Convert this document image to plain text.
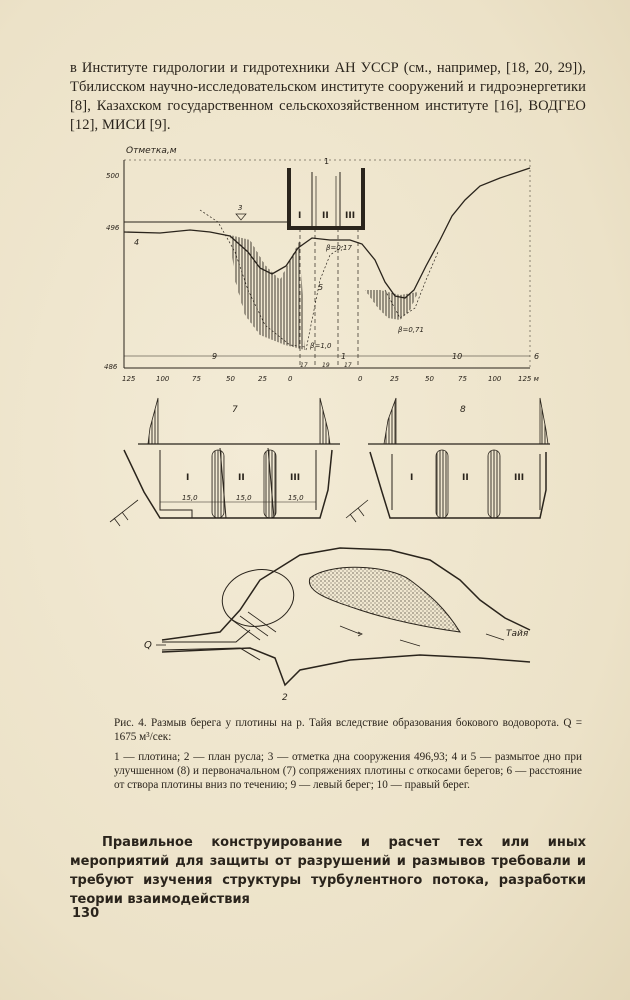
в Институте гидрологии и гидротехники АН УССР (см., например, [18, 20, 29]), Тбилисском научно-исследовательском институте сооружений и гидроэнергетики [8], Казахском государственном сельскохозяйственном институте [16], ВОДГЕО [12], МИСИ [9].

Отметка,м
500
496
486
3
4
5
1
I II III
β=0,17
β=1,0
β=0,71
9	1	10	6
17 19 17
125	100	75	50	25	0	0	25	50	75	100 125 м
7
I	II	III
15,0	15,0	15,0
8
I	II	III
Q
Тайя
2
Рис. 4. Размыв берега у плотины на р. Тайя вследствие образования бокового водоворота. Q = 1675 м³/сек:
1 — плотина; 2 — план русла; 3 — отметка дна сооружения 496,93; 4 и 5 — размытое дно при улучшенном (8) и первоначальном (7) сопряжениях плотины с откосами берегов; 6 — расстояние от створа плотины вниз по течению; 9 — левый берег; 10 — правый берег.

Правильное конструирование и расчет тех или иных мероприятий для защиты от разрушений и размывов требовали и требуют изучения структуры турбулентного потока, разработки теории взаимодействия

130
